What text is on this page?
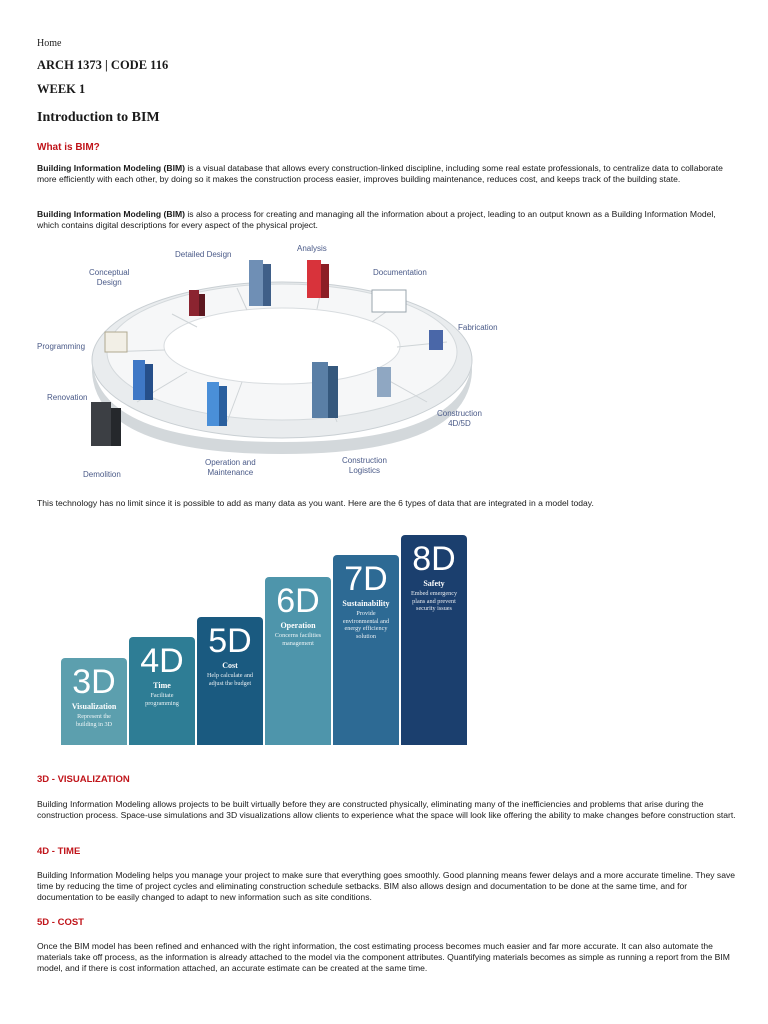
Home
ARCH 1373 | CODE 116
WEEK 1
Introduction to BIM
What is BIM?
Building Information Modeling (BIM) is a visual database that allows every construction-linked discipline, including some real estate professionals, to centralize data to collaborate more efficiently with each other, by doing so it makes the construction process easier, improves building maintenance, reduces cost, and keeps track of the building state.
Building Information Modeling (BIM) is also a process for creating and managing all the information about a project, leading to an output known as a Building Information Model, which contains digital descriptions for every aspect of the physical project.
Conceptual
Design
Detailed Design
Analysis
Documentation
Fabrication
Programming
Renovation
Construction
4D/5D
Demolition
Operation and
Maintenance
Construction
Logistics
This technology has no limit since it is possible to add as many data as you want. Here are the 6 types of data that are integrated in a model today.
3D
Visualization
Represent the building in 3D
4D
Time
Facilitate programming
5D
Cost
Help calculate and adjust the budget
6D
Operation
Concerns facilities management
7D
Sustainability
Provide environmental and energy efficiency solution
8D
Safety
Embed emergency plans and prevent security issues
3D - VISUALIZATION
Building Information Modeling allows projects to be built virtually before they are constructed physically, eliminating many of the inefficiencies and problems that arise during the construction process. Space-use simulations and 3D visualizations allow clients to experience what the space will look like offering the ability to make changes before construction start.
4D - TIME
Building Information Modeling helps you manage your project to make sure that everything goes smoothly. Good planning means fewer delays and a more accurate timeline. They save time by reducing the time of project cycles and eliminating construction schedule setbacks. BIM also allows design and documentation to be done at the same time, and for documentation to be easily changed to adapt to new information such as site conditions.
5D - COST
Once the BIM model has been refined and enhanced with the right information, the cost estimating process becomes much easier and far more accurate. It can also automate the materials take off process, as the information is already attached to the model via the component attributes. Quantifying materials becomes as simple as running a report from the BIM model, and if there is cost information attached, an accurate estimate can be created at the same time.
